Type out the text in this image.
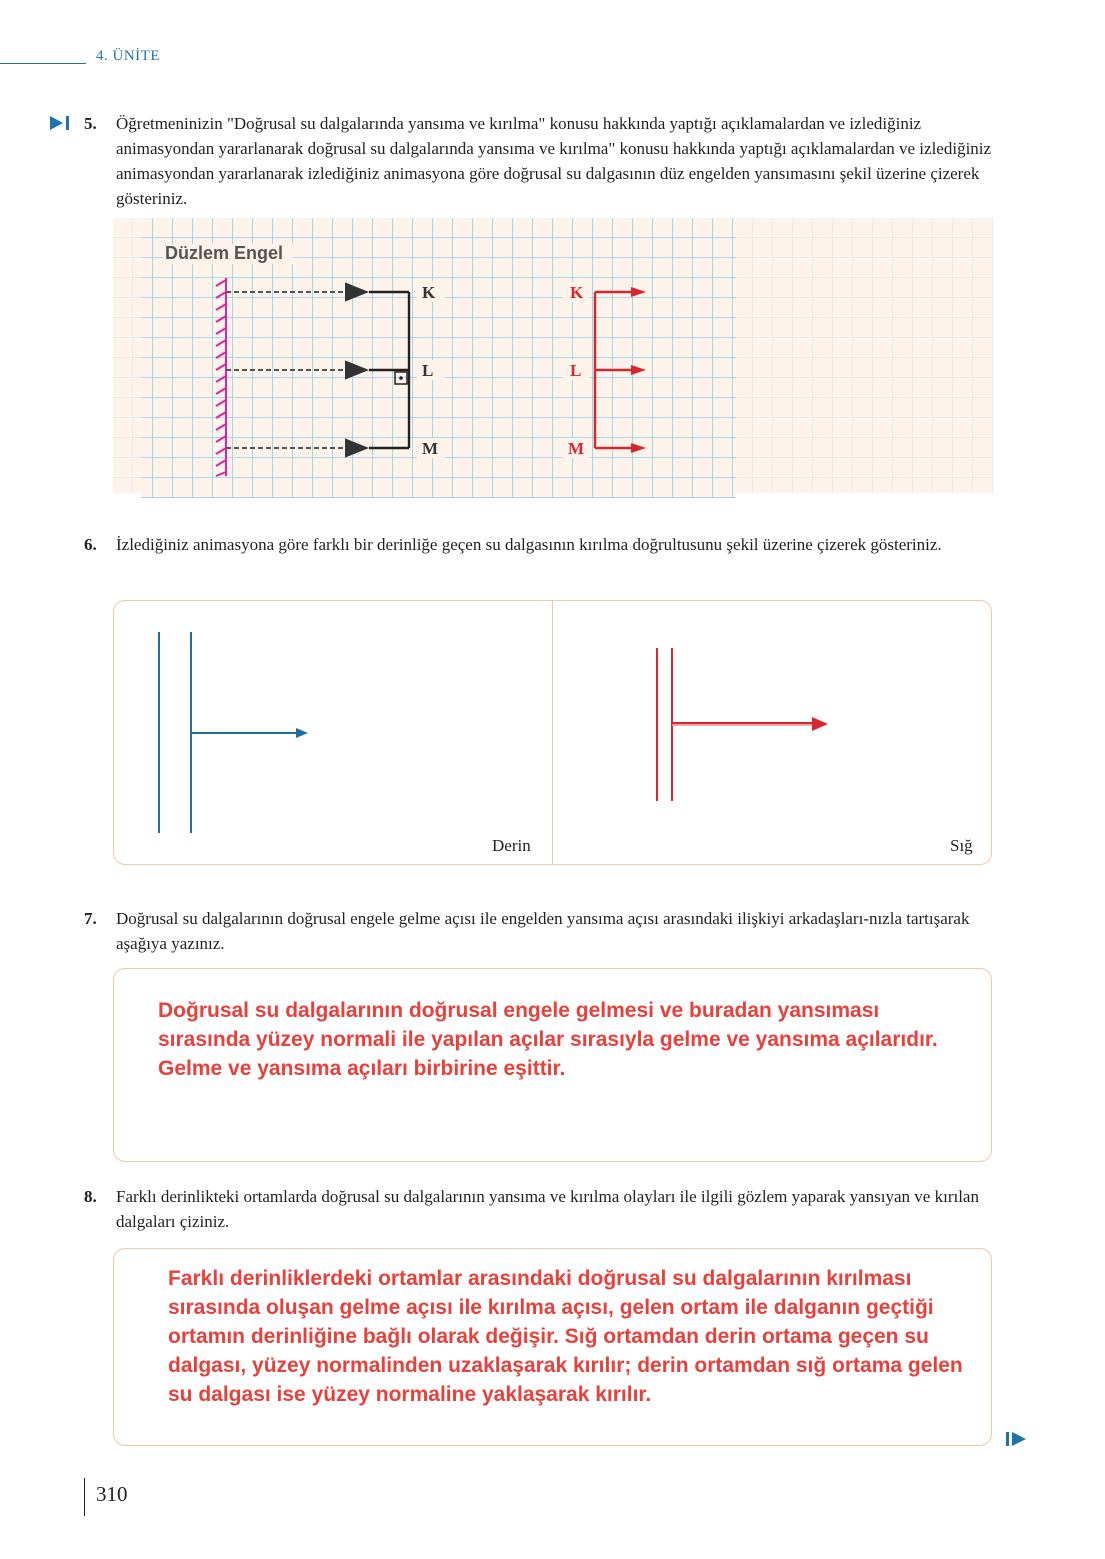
4. ÜNİTE
5. Öğretmeninizin "Doğrusal su dalgalarında yansıma ve kırılma" konusu hakkında yaptığı açıklamalardan ve izlediğiniz animasyondan yararlanarak doğrusal su dalgalarında yansıma ve kırılma" konusu hakkında yaptığı açıklamalardan ve izlediğiniz animasyondan yararlanarak izlediğiniz animasyona göre doğrusal su dalgasının düz engelden yansımasını şekil üzerine çizerek gösteriniz.
Düzlem Engel
K
L
M
K
L
M
6. İzlediğiniz animasyona göre farklı bir derinliğe geçen su dalgasının kırılma doğrultusunu şekil üzerine çizerek gösteriniz.
Derin	Sığ
7. Doğrusal su dalgalarının doğrusal engele gelme açısı ile engelden yansıma açısı arasındaki ilişkiyi arkadaşları-nızla tartışarak aşağıya yazınız.
Doğrusal su dalgalarının doğrusal engele gelmesi ve buradan yansıması sırasında yüzey normali ile yapılan açılar sırasıyla gelme ve yansıma açılarıdır. Gelme ve yansıma açıları birbirine eşittir.
8. Farklı derinlikteki ortamlarda doğrusal su dalgalarının yansıma ve kırılma olayları ile ilgili gözlem yaparak yansıyan ve kırılan dalgaları çiziniz.
Farklı derinliklerdeki ortamlar arasındaki doğrusal su dalgalarının kırılması sırasında oluşan gelme açısı ile kırılma açısı, gelen ortam ile dalganın geçtiği ortamın derinliğine bağlı olarak değişir. Sığ ortamdan derin ortama geçen su dalgası, yüzey normalinden uzaklaşarak kırılır; derin ortamdan sığ ortama gelen su dalgası ise yüzey normaline yaklaşarak kırılır.
310
